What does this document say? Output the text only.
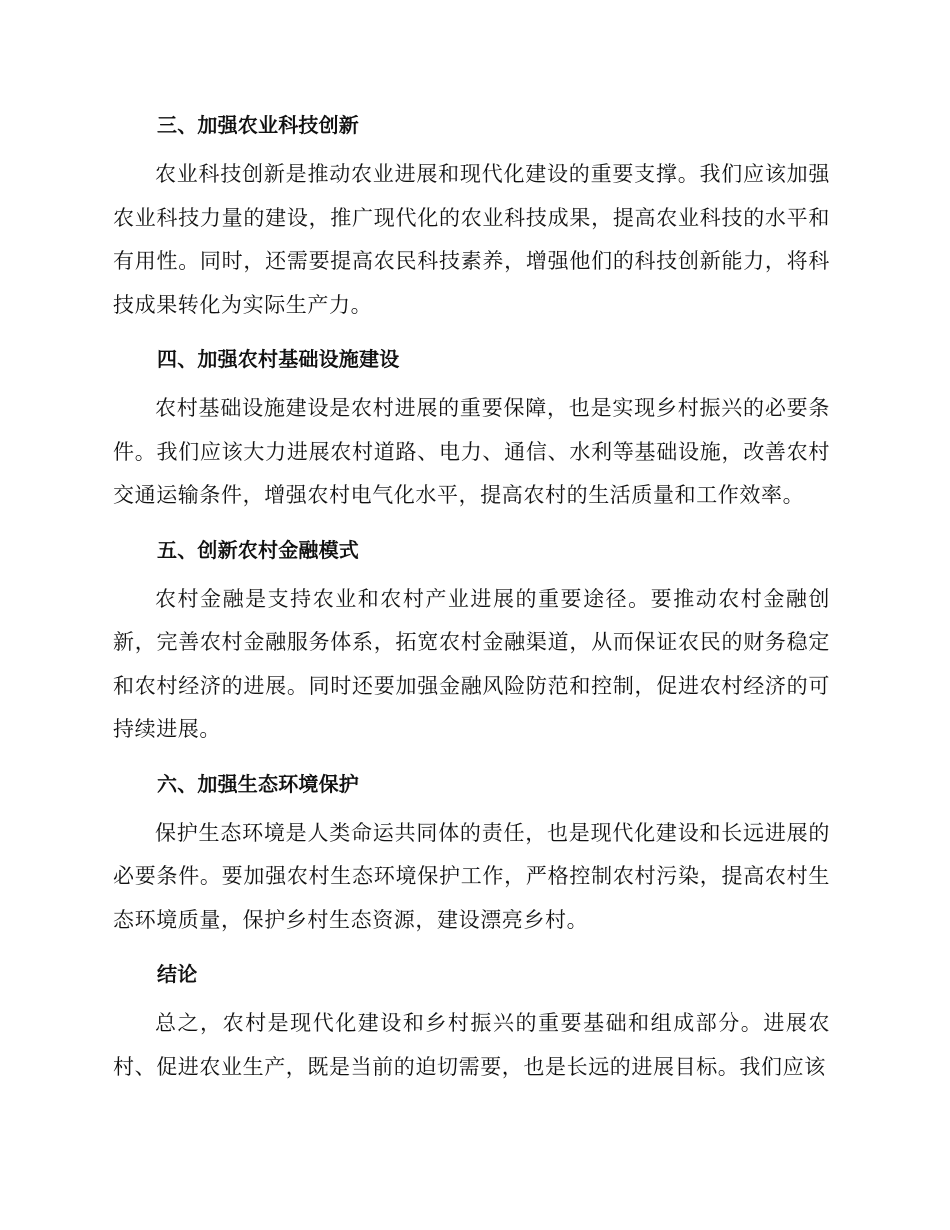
三、加强农业科技创新

农业科技创新是推动农业进展和现代化建设的重要支撑。我们应该加强农业科技力量的建设，推广现代化的农业科技成果，提高农业科技的水平和有用性。同时，还需要提高农民科技素养，增强他们的科技创新能力，将科技成果转化为实际生产力。

四、加强农村基础设施建设

农村基础设施建设是农村进展的重要保障，也是实现乡村振兴的必要条件。我们应该大力进展农村道路、电力、通信、水利等基础设施，改善农村交通运输条件，增强农村电气化水平，提高农村的生活质量和工作效率。

五、创新农村金融模式

农村金融是支持农业和农村产业进展的重要途径。要推动农村金融创新，完善农村金融服务体系，拓宽农村金融渠道，从而保证农民的财务稳定和农村经济的进展。同时还要加强金融风险防范和控制，促进农村经济的可持续进展。

六、加强生态环境保护

保护生态环境是人类命运共同体的责任，也是现代化建设和长远进展的必要条件。要加强农村生态环境保护工作，严格控制农村污染，提高农村生态环境质量，保护乡村生态资源，建设漂亮乡村。

结论

总之，农村是现代化建设和乡村振兴的重要基础和组成部分。进展农村、促进农业生产，既是当前的迫切需要，也是长远的进展目标。我们应该
